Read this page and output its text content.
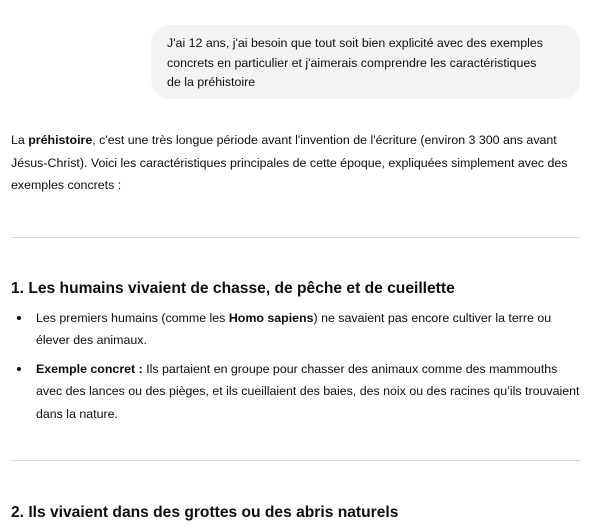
J'ai 12 ans, j'ai besoin que tout soit bien explicité avec des exemples
concrets en particulier et j'aimerais comprendre les caractéristiques
de la préhistoire

La préhistoire, c'est une très longue période avant l'invention de l'écriture (environ 3 300 ans avant Jésus-Christ). Voici les caractéristiques principales de cette époque, expliquées simplement avec des exemples concrets :

1. Les humains vivaient de chasse, de pêche et de cueillette
Les premiers humains (comme les Homo sapiens) ne savaient pas encore cultiver la terre ou élever des animaux.
Exemple concret : Ils partaient en groupe pour chasser des animaux comme des mammouths avec des lances ou des pièges, et ils cueillaient des baies, des noix ou des racines qu’ils trouvaient dans la nature.
2. Ils vivaient dans des grottes ou des abris naturels
